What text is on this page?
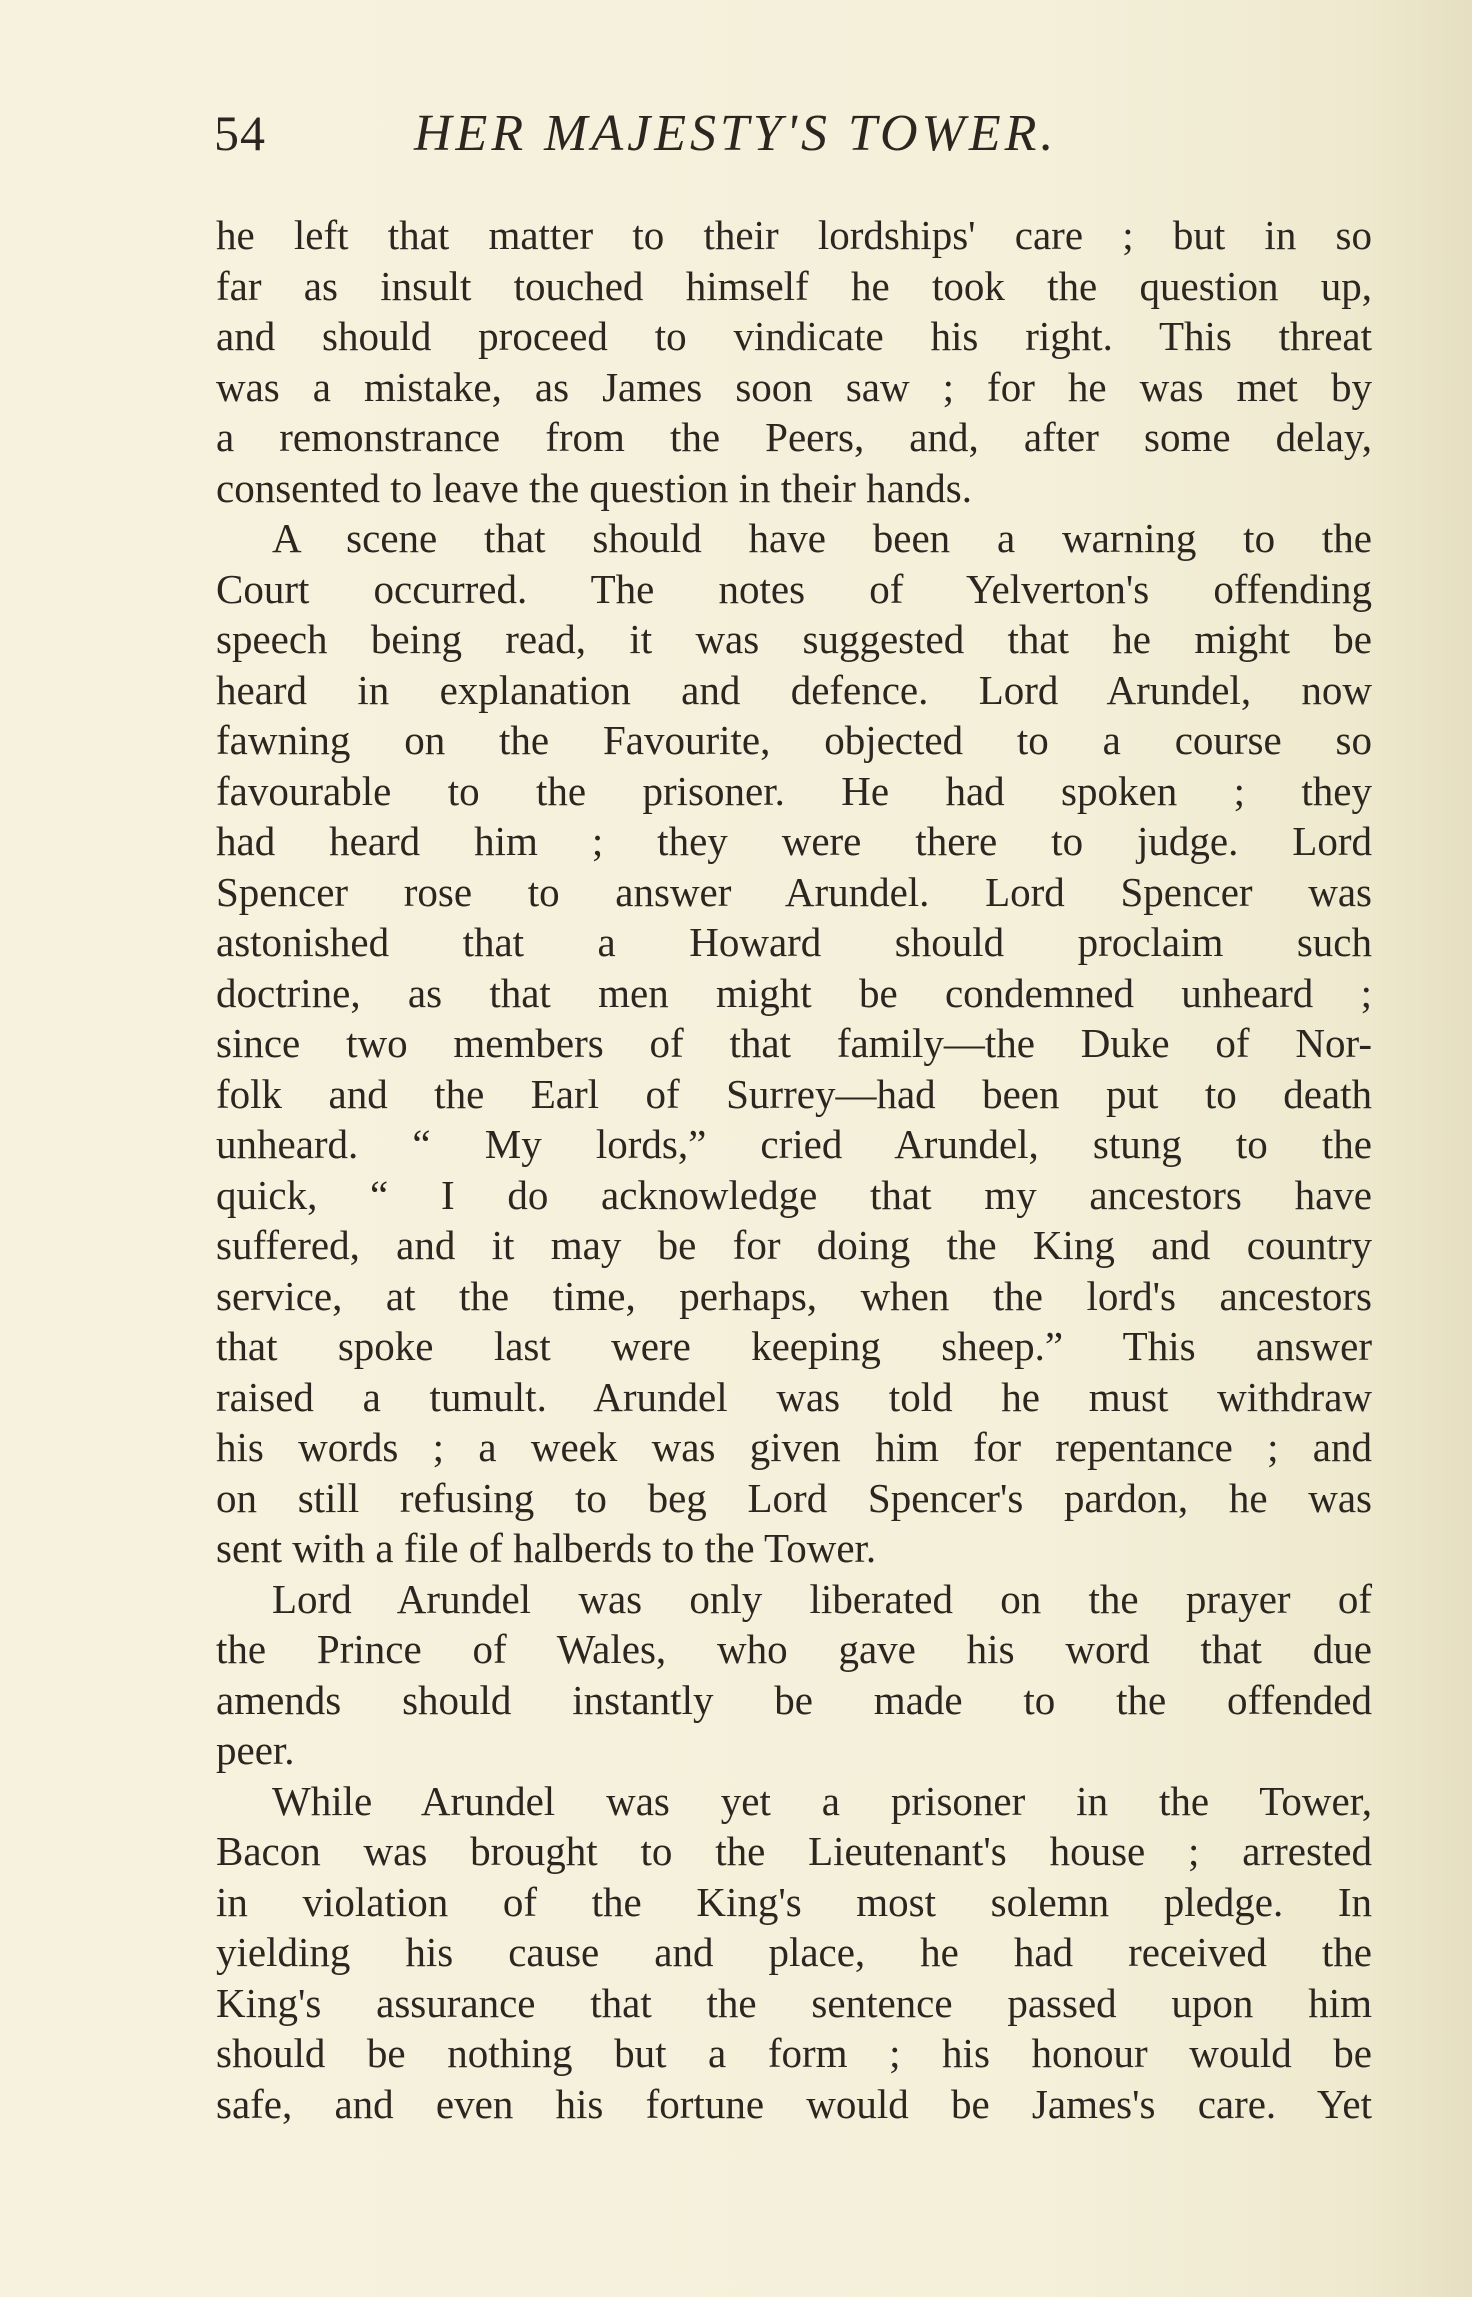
54	HER MAJESTY'S TOWER.
he left that matter to their lordships' care ; but in so
far as insult touched himself he took the question up,
and should proceed to vindicate his right. This threat
was a mistake, as James soon saw ; for he was met by
a remonstrance from the Peers, and, after some delay,
consented to leave the question in their hands.
A scene that should have been a warning to the
Court occurred. The notes of Yelverton's offending
speech being read, it was suggested that he might be
heard in explanation and defence. Lord Arundel, now
fawning on the Favourite, objected to a course so
favourable to the prisoner. He had spoken ; they
had heard him ; they were there to judge. Lord
Spencer rose to answer Arundel. Lord Spencer was
astonished that a Howard should proclaim such
doctrine, as that men might be condemned unheard ;
since two members of that family—the Duke of Nor-
folk and the Earl of Surrey—had been put to death
unheard. “ My lords,” cried Arundel, stung to the
quick, “ I do acknowledge that my ancestors have
suffered, and it may be for doing the King and country
service, at the time, perhaps, when the lord's ancestors
that spoke last were keeping sheep.” This answer
raised a tumult. Arundel was told he must withdraw
his words ; a week was given him for repentance ; and
on still refusing to beg Lord Spencer's pardon, he was
sent with a file of halberds to the Tower.
Lord Arundel was only liberated on the prayer of
the Prince of Wales, who gave his word that due
amends should instantly be made to the offended
peer.
While Arundel was yet a prisoner in the Tower,
Bacon was brought to the Lieutenant's house ; arrested
in violation of the King's most solemn pledge. In
yielding his cause and place, he had received the
King's assurance that the sentence passed upon him
should be nothing but a form ; his honour would be
safe, and even his fortune would be James's care. Yet
